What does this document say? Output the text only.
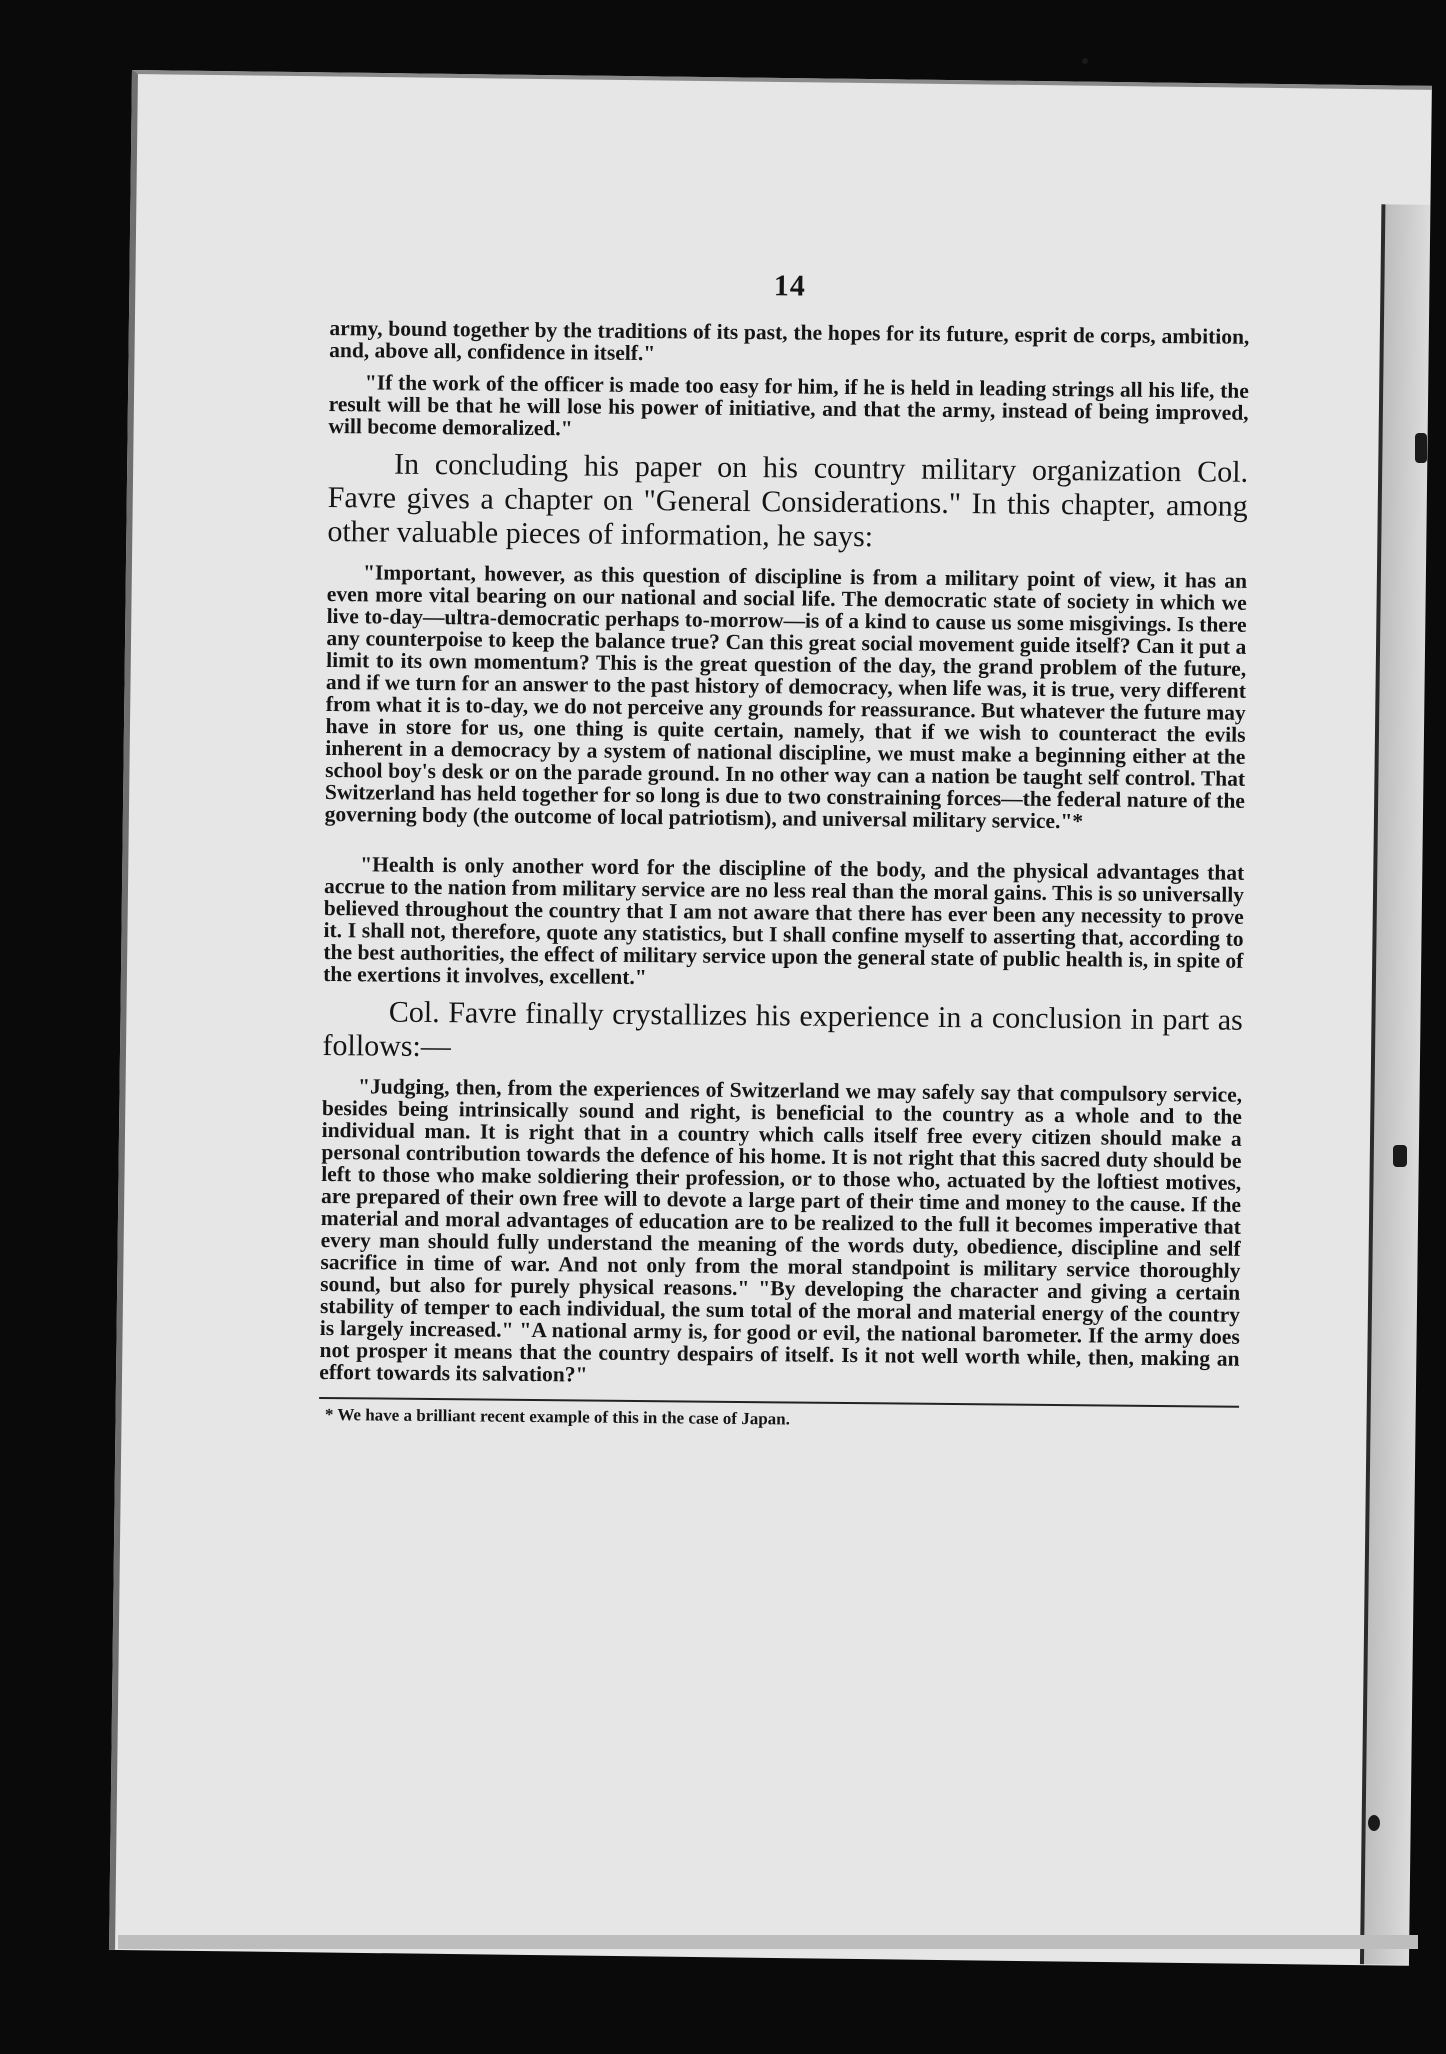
14

army, bound together by the traditions of its past, the hopes for its future, esprit de corps, ambition, and, above all, confidence in itself."

"If the work of the officer is made too easy for him, if he is held in leading strings all his life, the result will be that he will lose his power of initiative, and that the army, instead of being improved, will become demoralized."

In concluding his paper on his country military organization Col. Favre gives a chapter on "General Considerations." In this chapter, among other valuable pieces of information, he says:

"Important, however, as this question of discipline is from a military point of view, it has an even more vital bearing on our national and social life. The democratic state of society in which we live to-day—ultra-democratic perhaps to-morrow—is of a kind to cause us some misgivings. Is there any counterpoise to keep the balance true? Can this great social movement guide itself? Can it put a limit to its own momentum? This is the great question of the day, the grand problem of the future, and if we turn for an answer to the past history of democracy, when life was, it is true, very different from what it is to-day, we do not perceive any grounds for reassurance. But whatever the future may have in store for us, one thing is quite certain, namely, that if we wish to counteract the evils inherent in a democracy by a system of national discipline, we must make a beginning either at the school boy's desk or on the parade ground. In no other way can a nation be taught self control. That Switzerland has held together for so long is due to two constraining forces—the federal nature of the governing body (the outcome of local patriotism), and universal military service."*

"Health is only another word for the discipline of the body, and the physical advantages that accrue to the nation from military service are no less real than the moral gains. This is so universally believed throughout the country that I am not aware that there has ever been any necessity to prove it. I shall not, therefore, quote any statistics, but I shall confine myself to asserting that, according to the best authorities, the effect of military service upon the general state of public health is, in spite of the exertions it involves, excellent."

Col. Favre finally crystallizes his experience in a conclusion in part as follows:—

"Judging, then, from the experiences of Switzerland we may safely say that compulsory service, besides being intrinsically sound and right, is beneficial to the country as a whole and to the individual man. It is right that in a country which calls itself free every citizen should make a personal contribution towards the defence of his home. It is not right that this sacred duty should be left to those who make soldiering their profession, or to those who, actuated by the loftiest motives, are prepared of their own free will to devote a large part of their time and money to the cause. If the material and moral advantages of education are to be realized to the full it becomes imperative that every man should fully understand the meaning of the words duty, obedience, discipline and self sacrifice in time of war. And not only from the moral standpoint is military service thoroughly sound, but also for purely physical reasons." "By developing the character and giving a certain stability of temper to each individual, the sum total of the moral and material energy of the country is largely increased." "A national army is, for good or evil, the national barometer. If the army does not prosper it means that the country despairs of itself. Is it not well worth while, then, making an effort towards its salvation?"

* We have a brilliant recent example of this in the case of Japan.
